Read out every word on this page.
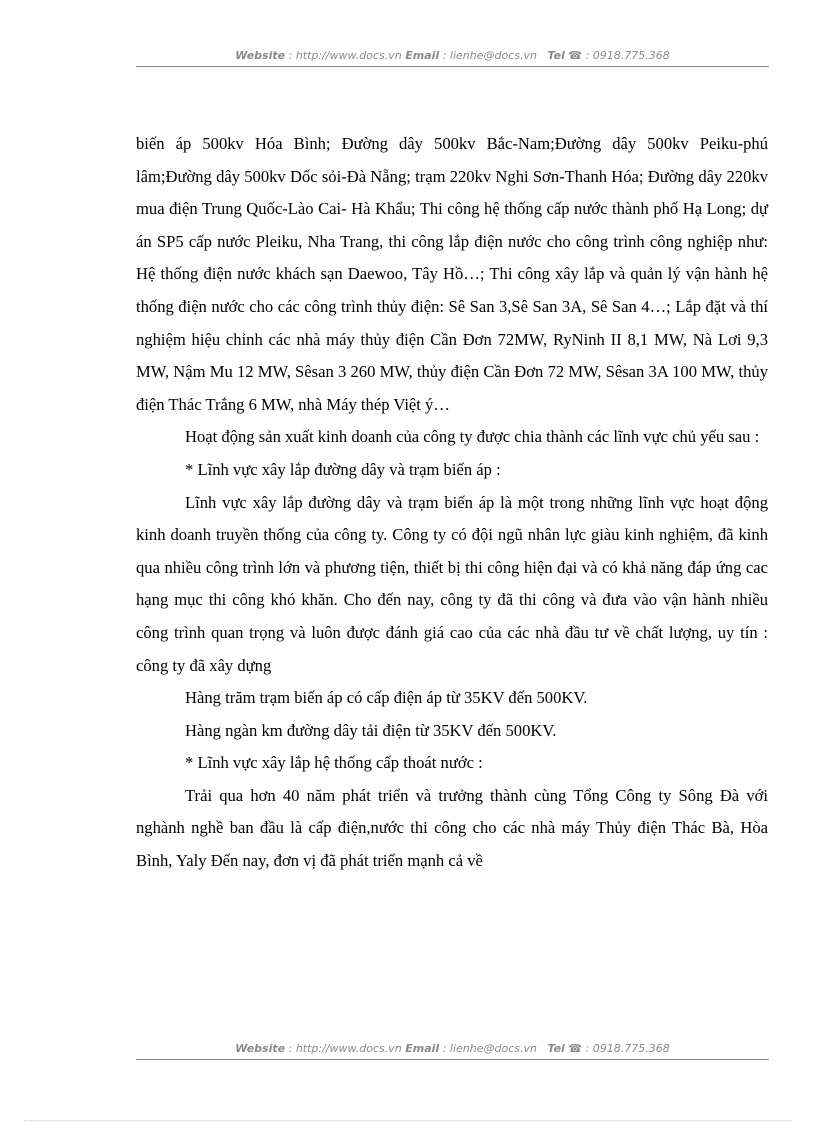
Website : http://www.docs.vn Email : lienhe@docs.vn Tel ☎ : 0918.775.368

biến áp 500kv Hóa Bình; Đường dây 500kv Bắc-Nam;Đường dây 500kv Peiku-phú lâm;Đường dây 500kv Dốc sỏi-Đà Nẵng; trạm 220kv Nghi Sơn-Thanh Hóa; Đường dây 220kv mua điện Trung Quốc-Lào Cai- Hà Khẩu; Thi công hệ thống cấp nước thành phố Hạ Long; dự án SP5 cấp nước Pleiku, Nha Trang, thi công lắp điện nước cho công trình công nghiệp như: Hệ thống điện nước khách sạn Daewoo, Tây Hồ…; Thi công xây lắp và quản lý vận hành hệ thống điện nước cho các công trình thủy điện: Sê San 3,Sê San 3A, Sê San 4…; Lắp đặt và thí nghiệm hiệu chỉnh các nhà máy thủy điện Cần Đơn 72MW, RyNinh II 8,1 MW, Nà Lơi 9,3 MW, Nậm Mu 12 MW, Sêsan 3 260 MW, thủy điện Cần Đơn 72 MW, Sêsan 3A 100 MW, thủy điện Thác Trắng 6 MW, nhà Máy thép Việt ý…

Hoạt động sản xuất kinh doanh của công ty được chia thành các lĩnh vực chủ yếu sau :

* Lĩnh vực xây lắp đường dây và trạm biến áp :

Lĩnh vực xây lắp đường dây và trạm biến áp là một trong những lĩnh vực hoạt động kinh doanh truyền thống của công ty. Công ty có đội ngũ nhân lực giàu kinh nghiệm, đã kinh qua nhiều công trình lớn và phương tiện, thiết bị thi công hiện đại và có khả năng đáp ứng cac hạng mục thi công khó khăn. Cho đến nay, công ty đã thi công và đưa vào vận hành nhiều công trình quan trọng và luôn được đánh giá cao của các nhà đầu tư về chất lượng, uy tín : công ty đã xây dựng

Hàng trăm trạm biến áp có cấp điện áp từ 35KV đến 500KV.

Hàng ngàn km đường dây tải điện từ 35KV đến 500KV.

* Lĩnh vực xây lắp hệ thống cấp thoát nước :

Trải qua hơn 40 năm phát triển và trưởng thành cùng Tổng Công ty Sông Đà với nghành nghề ban đầu là cấp điện,nước thi công cho các nhà máy Thủy điện Thác Bà, Hòa Bình, Yaly Đến nay, đơn vị đã phát triển mạnh cả về

Website : http://www.docs.vn Email : lienhe@docs.vn Tel ☎ : 0918.775.368
